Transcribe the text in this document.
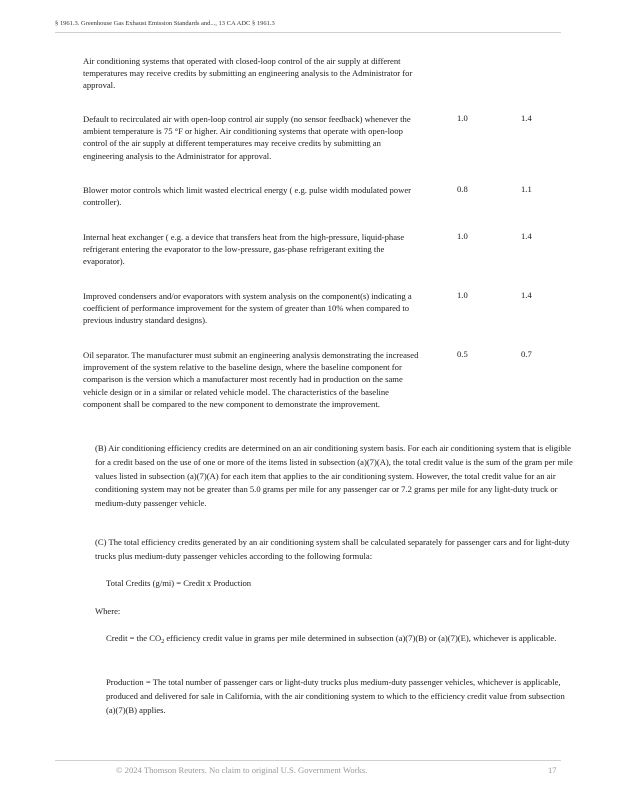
§ 1961.3. Greenhouse Gas Exhaust Emission Standards and..., 13 CA ADC § 1961.3
Air conditioning systems that operated with closed-loop control of the air supply at different temperatures may receive credits by submitting an engineering analysis to the Administrator for approval.
Default to recirculated air with open-loop control air supply (no sensor feedback) whenever the ambient temperature is 75 °F or higher. Air conditioning systems that operate with open-loop control of the air supply at different temperatures may receive credits by submitting an engineering analysis to the Administrator for approval.
1.0	1.4
Blower motor controls which limit wasted electrical energy ( e.g. pulse width modulated power controller).
0.8	1.1
Internal heat exchanger ( e.g. a device that transfers heat from the high-pressure, liquid-phase refrigerant entering the evaporator to the low-pressure, gas-phase refrigerant exiting the evaporator).
1.0	1.4
Improved condensers and/or evaporators with system analysis on the component(s) indicating a coefficient of performance improvement for the system of greater than 10% when compared to previous industry standard designs).
1.0	1.4
Oil separator. The manufacturer must submit an engineering analysis demonstrating the increased improvement of the system relative to the baseline design, where the baseline component for comparison is the version which a manufacturer most recently had in production on the same vehicle design or in a similar or related vehicle model. The characteristics of the baseline component shall be compared to the new component to demonstrate the improvement.
0.5	0.7
(B) Air conditioning efficiency credits are determined on an air conditioning system basis. For each air conditioning system that is eligible for a credit based on the use of one or more of the items listed in subsection (a)(7)(A), the total credit value is the sum of the gram per mile values listed in subsection (a)(7)(A) for each item that applies to the air conditioning system. However, the total credit value for an air conditioning system may not be greater than 5.0 grams per mile for any passenger car or 7.2 grams per mile for any light-duty truck or medium-duty passenger vehicle.
(C) The total efficiency credits generated by an air conditioning system shall be calculated separately for passenger cars and for light-duty trucks plus medium-duty passenger vehicles according to the following formula:
Total Credits (g/mi) = Credit x Production
Where:
Credit = the $CO_2$ efficiency credit value in grams per mile determined in subsection (a)(7)(B) or (a)(7)(E), whichever is applicable.
Production = The total number of passenger cars or light-duty trucks plus medium-duty passenger vehicles, whichever is applicable, produced and delivered for sale in California, with the air conditioning system to which to the efficiency credit value from subsection (a)(7)(B) applies.
© 2024 Thomson Reuters. No claim to original U.S. Government Works.	17
